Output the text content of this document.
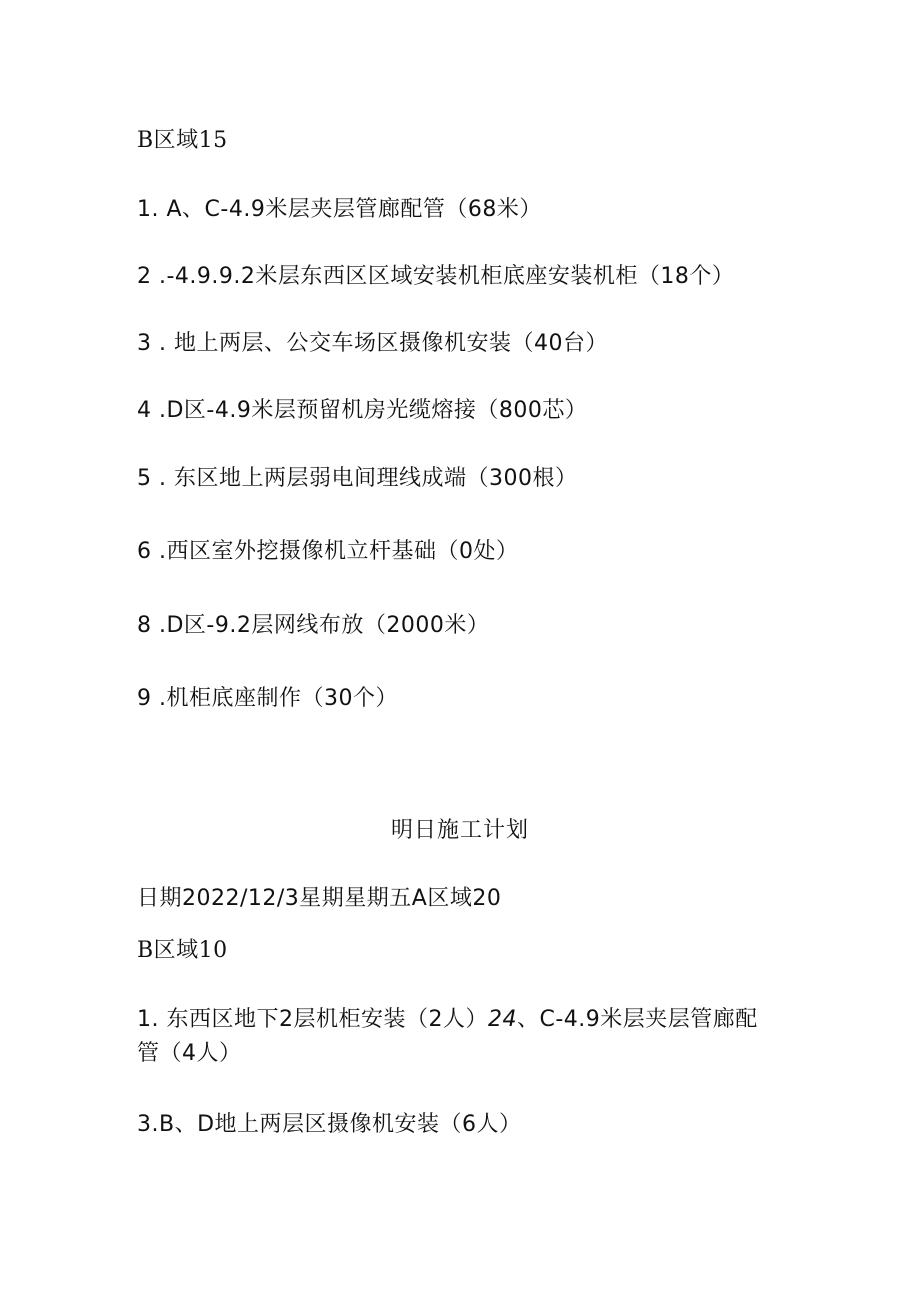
B区域15
1. A、C-4.9米层夹层管廊配管（68米）
2 .-4.9.9.2米层东西区区域安装机柜底座安装机柜（18个）
3 . 地上两层、公交车场区摄像机安装（40台）
4 .D区-4.9米层预留机房光缆熔接（800芯）
5 . 东区地上两层弱电间理线成端（300根）
6 .西区室外挖摄像机立杆基础（0处）
8 .D区-9.2层网线布放（2000米）
9 .机柜底座制作（30个）
明日施工计划
日期2022/12/3星期星期五A区域20
B区域10
1. 东西区地下2层机柜安装（2人）24、C-4.9米层夹层管廊配管（4人）
3.B、D地上两层区摄像机安装（6人）
